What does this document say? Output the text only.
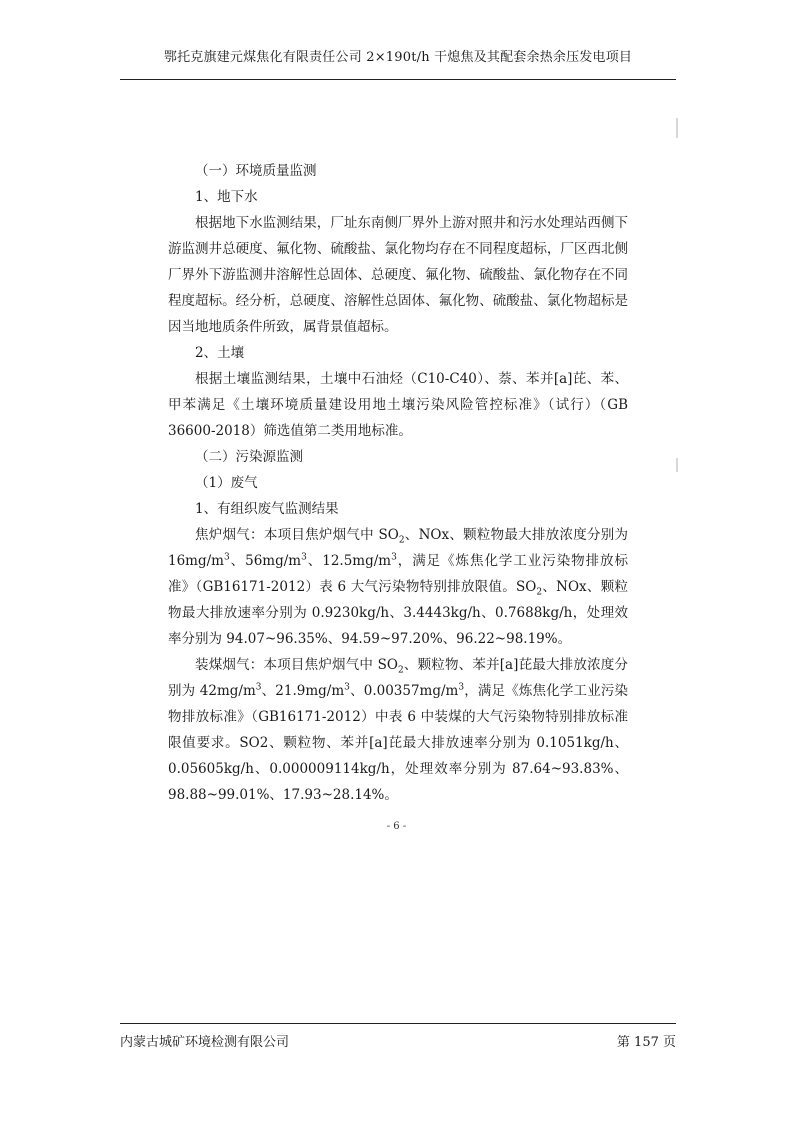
鄂托克旗建元煤焦化有限责任公司 2×190t/h 干熄焦及其配套余热余压发电项目

（一）环境质量监测

1、地下水

根据地下水监测结果，厂址东南侧厂界外上游对照井和污水处理站西侧下游监测井总硬度、氟化物、硫酸盐、氯化物均存在不同程度超标，厂区西北侧厂界外下游监测井溶解性总固体、总硬度、氟化物、硫酸盐、氯化物存在不同程度超标。经分析，总硬度、溶解性总固体、氟化物、硫酸盐、氯化物超标是因当地地质条件所致，属背景值超标。

2、土壤

根据土壤监测结果，土壤中石油烃（C10-C40）、萘、苯并[a]芘、苯、甲苯满足《土壤环境质量建设用地土壤污染风险管控标准》（试行）（GB 36600-2018）筛选值第二类用地标准。

（二）污染源监测

（1）废气

1、有组织废气监测结果

焦炉烟气：本项目焦炉烟气中 $SO_2$、NOx、颗粒物最大排放浓度分别为 $16mg/m^3$、$56mg/m^3$、$12.5mg/m^3$，满足《炼焦化学工业污染物排放标准》（GB16171-2012）表 6 大气污染物特别排放限值。$SO_2$、NOx、颗粒物最大排放速率分别为 0.9230kg/h、3.4443kg/h、0.7688kg/h，处理效率分别为 94.07~96.35%、94.59~97.20%、96.22~98.19%。

装煤烟气：本项目焦炉烟气中 $SO_2$、颗粒物、苯并[a]芘最大排放浓度分别为 $42mg/m^3$、$21.9mg/m^3$、$0.00357mg/m^3$，满足《炼焦化学工业污染物排放标准》（GB16171-2012）中表 6 中装煤的大气污染物特别排放标准限值要求。SO2、颗粒物、苯并[a]芘最大排放速率分别为 0.1051kg/h、0.05605kg/h、0.000009114kg/h，处理效率分别为 87.64~93.83%、98.88~99.01%、17.93~28.14%。

- 6 -
内蒙古城矿环境检测有限公司	第 157 页
